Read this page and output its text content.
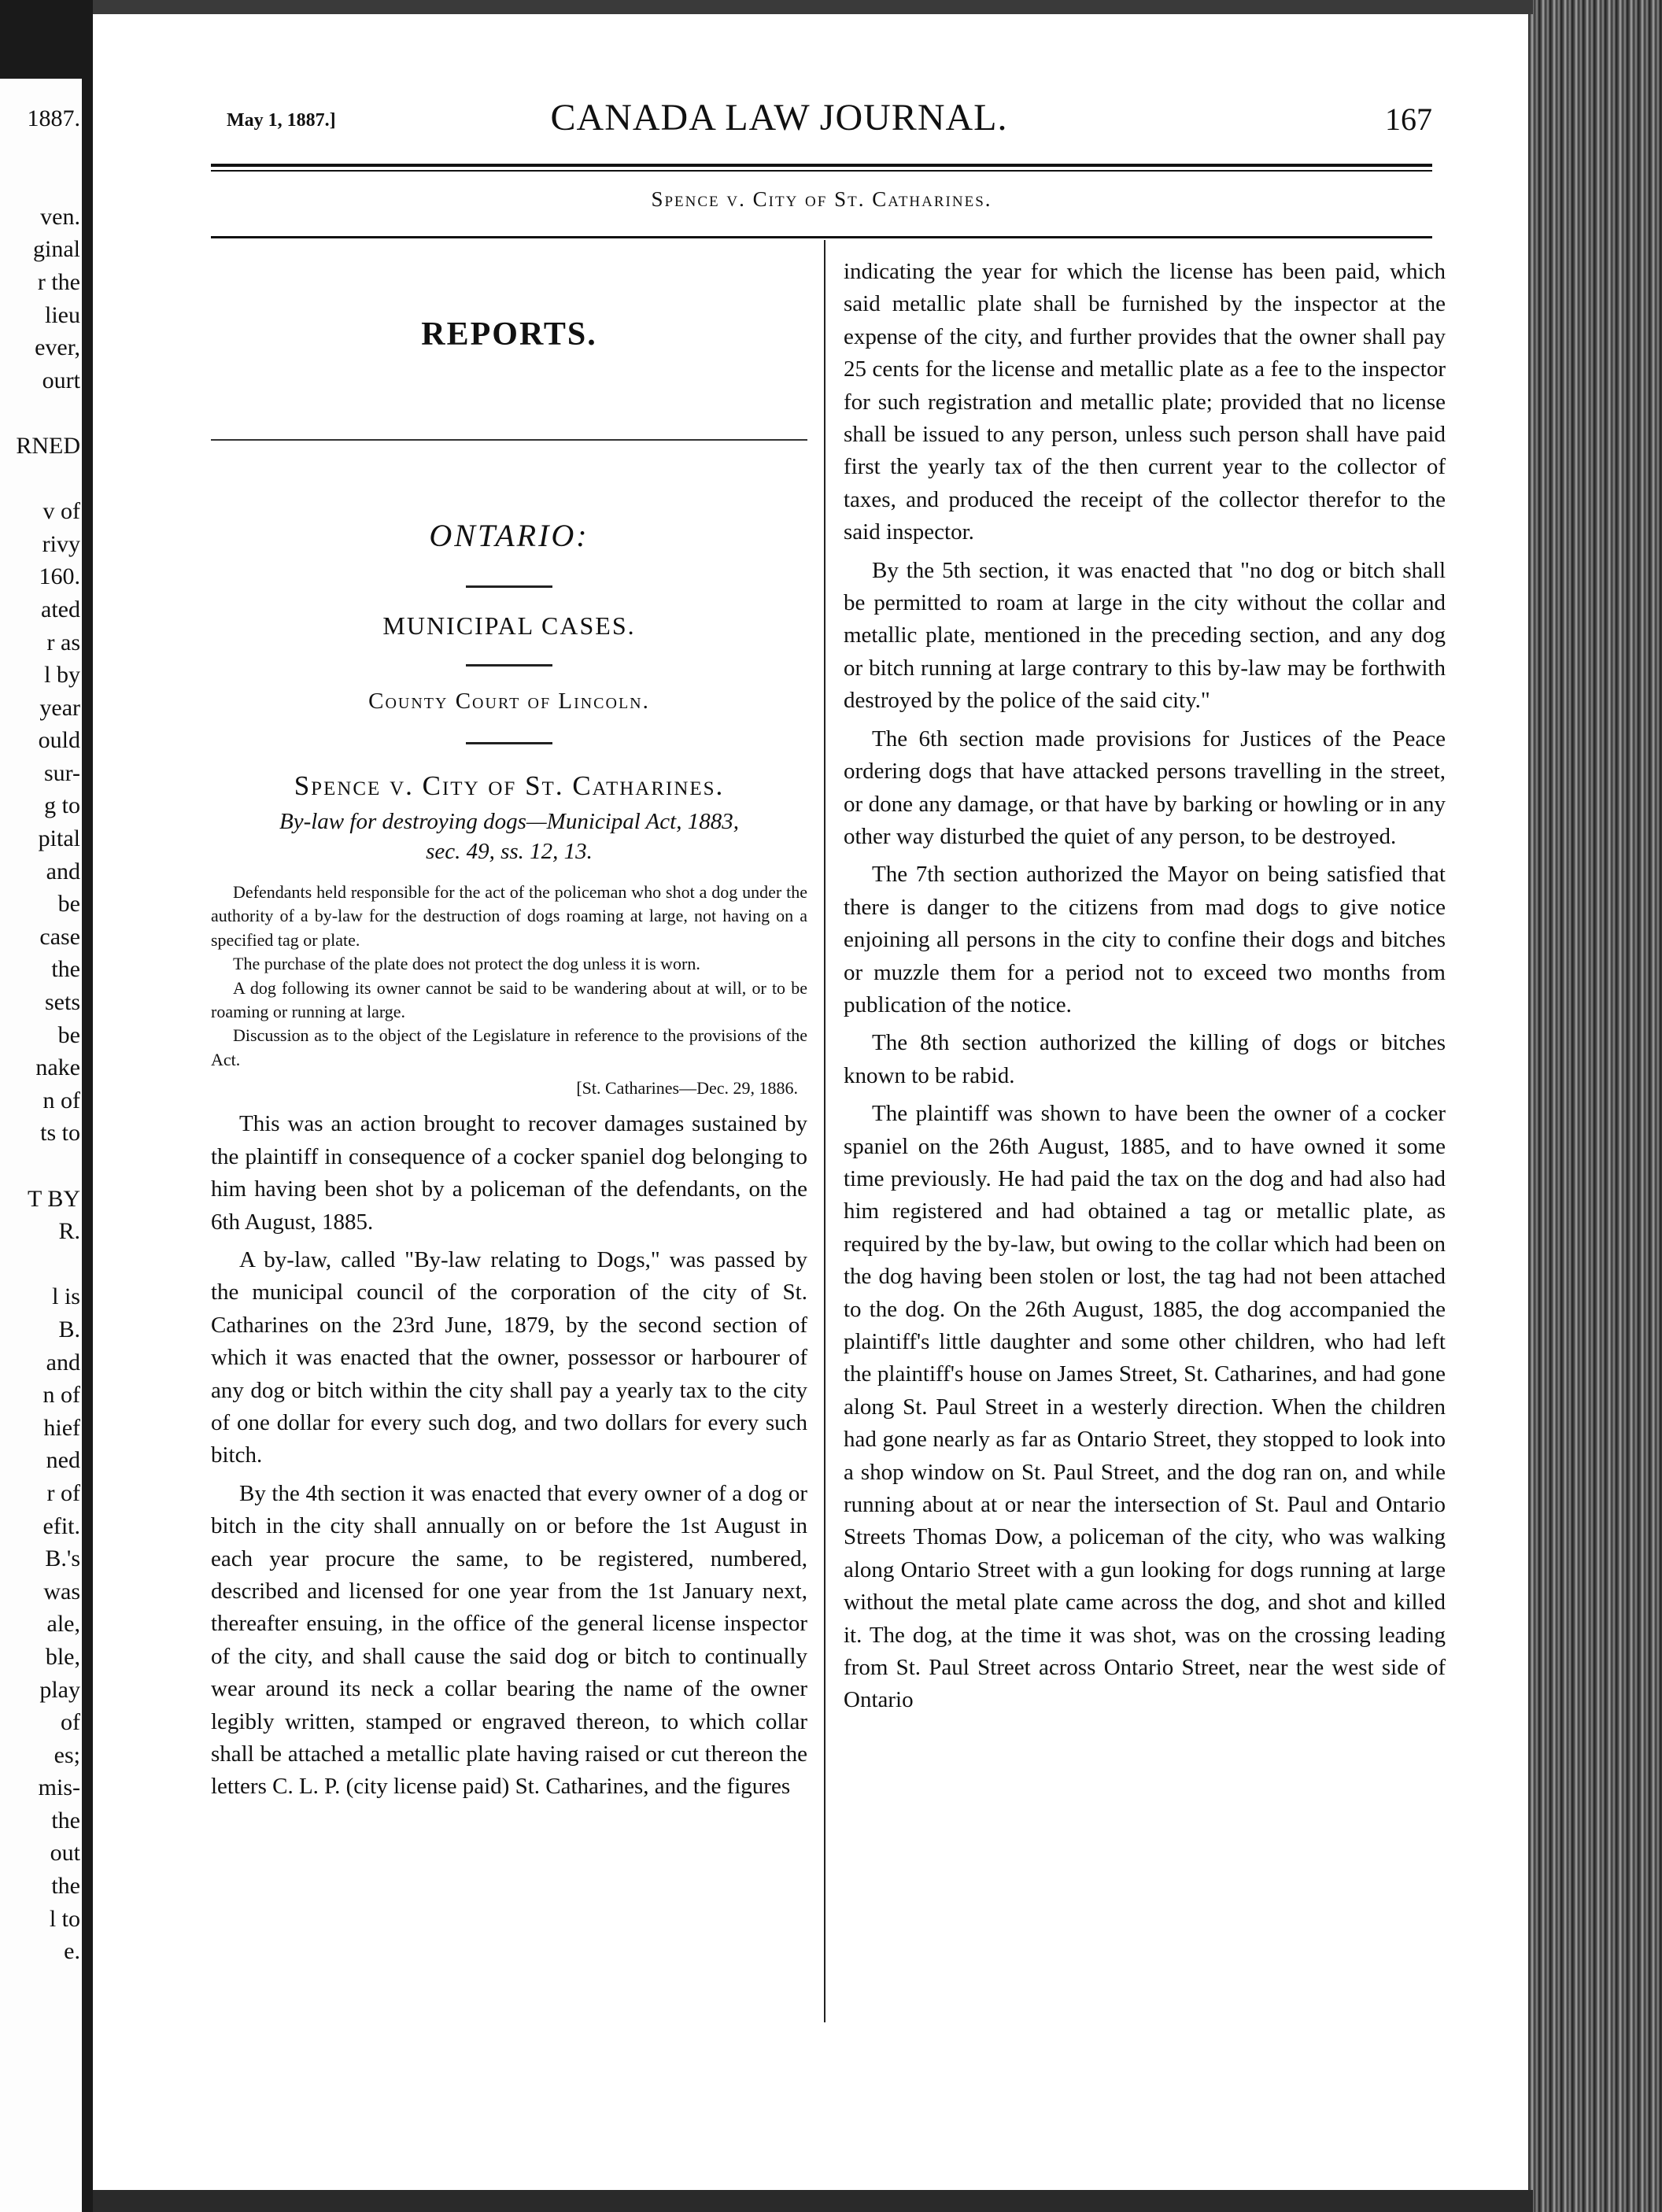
1887.

ven.
ginal
r the
lieu
ever,
ourt

RNED

v of
rivy
160.
ated
r as
l by
year
ould
sur-
g to
pital
and
be
case
the
sets
be
nake
n of
ts to

T BY
R.

l is
B.
and
n of
hief
ned
r of
efit.
B.'s
was
ale,
ble,
play
of
es;
mis-
the
out
the
l to
e.
May 1, 1887.]	CANADA LAW JOURNAL.	167
Spence v. City of St. Catharines.
REPORTS.
ONTARIO:
MUNICIPAL CASES.
County Court of Lincoln.
Spence v. City of St. Catharines.
By-law for destroying dogs—Municipal Act, 1883,
sec. 49, ss. 12, 13.

Defendants held responsible for the act of the policeman who shot a dog under the authority of a by-law for the destruction of dogs roaming at large, not having on a specified tag or plate.

The purchase of the plate does not protect the dog unless it is worn.

A dog following its owner cannot be said to be wandering about at will, or to be roaming or running at large.

Discussion as to the object of the Legislature in reference to the provisions of the Act.

[St. Catharines—Dec. 29, 1886.

This was an action brought to recover damages sustained by the plaintiff in consequence of a cocker spaniel dog belonging to him having been shot by a policeman of the defendants, on the 6th August, 1885.

A by-law, called "By-law relating to Dogs," was passed by the municipal council of the corporation of the city of St. Catharines on the 23rd June, 1879, by the second section of which it was enacted that the owner, possessor or harbourer of any dog or bitch within the city shall pay a yearly tax to the city of one dollar for every such dog, and two dollars for every such bitch.

By the 4th section it was enacted that every owner of a dog or bitch in the city shall annually on or before the 1st August in each year procure the same, to be registered, numbered, described and licensed for one year from the 1st January next, thereafter ensuing, in the office of the general license inspector of the city, and shall cause the said dog or bitch to continually wear around its neck a collar bearing the name of the owner legibly written, stamped or engraved thereon, to which collar shall be attached a metallic plate having raised or cut thereon the letters C. L. P. (city license paid) St. Catharines, and the figures

indicating the year for which the license has been paid, which said metallic plate shall be furnished by the inspector at the expense of the city, and further provides that the owner shall pay 25 cents for the license and metallic plate as a fee to the inspector for such registration and metallic plate; provided that no license shall be issued to any person, unless such person shall have paid first the yearly tax of the then current year to the collector of taxes, and produced the receipt of the collector therefor to the said inspector.

By the 5th section, it was enacted that "no dog or bitch shall be permitted to roam at large in the city without the collar and metallic plate, mentioned in the preceding section, and any dog or bitch running at large contrary to this by-law may be forthwith destroyed by the police of the said city."

The 6th section made provisions for Justices of the Peace ordering dogs that have attacked persons travelling in the street, or done any damage, or that have by barking or howling or in any other way disturbed the quiet of any person, to be destroyed.

The 7th section authorized the Mayor on being satisfied that there is danger to the citizens from mad dogs to give notice enjoining all persons in the city to confine their dogs and bitches or muzzle them for a period not to exceed two months from publication of the notice.

The 8th section authorized the killing of dogs or bitches known to be rabid.

The plaintiff was shown to have been the owner of a cocker spaniel on the 26th August, 1885, and to have owned it some time previously. He had paid the tax on the dog and had also had him registered and had obtained a tag or metallic plate, as required by the by-law, but owing to the collar which had been on the dog having been stolen or lost, the tag had not been attached to the dog. On the 26th August, 1885, the dog accompanied the plaintiff's little daughter and some other children, who had left the plaintiff's house on James Street, St. Catharines, and had gone along St. Paul Street in a westerly direction. When the children had gone nearly as far as Ontario Street, they stopped to look into a shop window on St. Paul Street, and the dog ran on, and while running about at or near the intersection of St. Paul and Ontario Streets Thomas Dow, a policeman of the city, who was walking along Ontario Street with a gun looking for dogs running at large without the metal plate came across the dog, and shot and killed it. The dog, at the time it was shot, was on the crossing leading from St. Paul Street across Ontario Street, near the west side of Ontario
